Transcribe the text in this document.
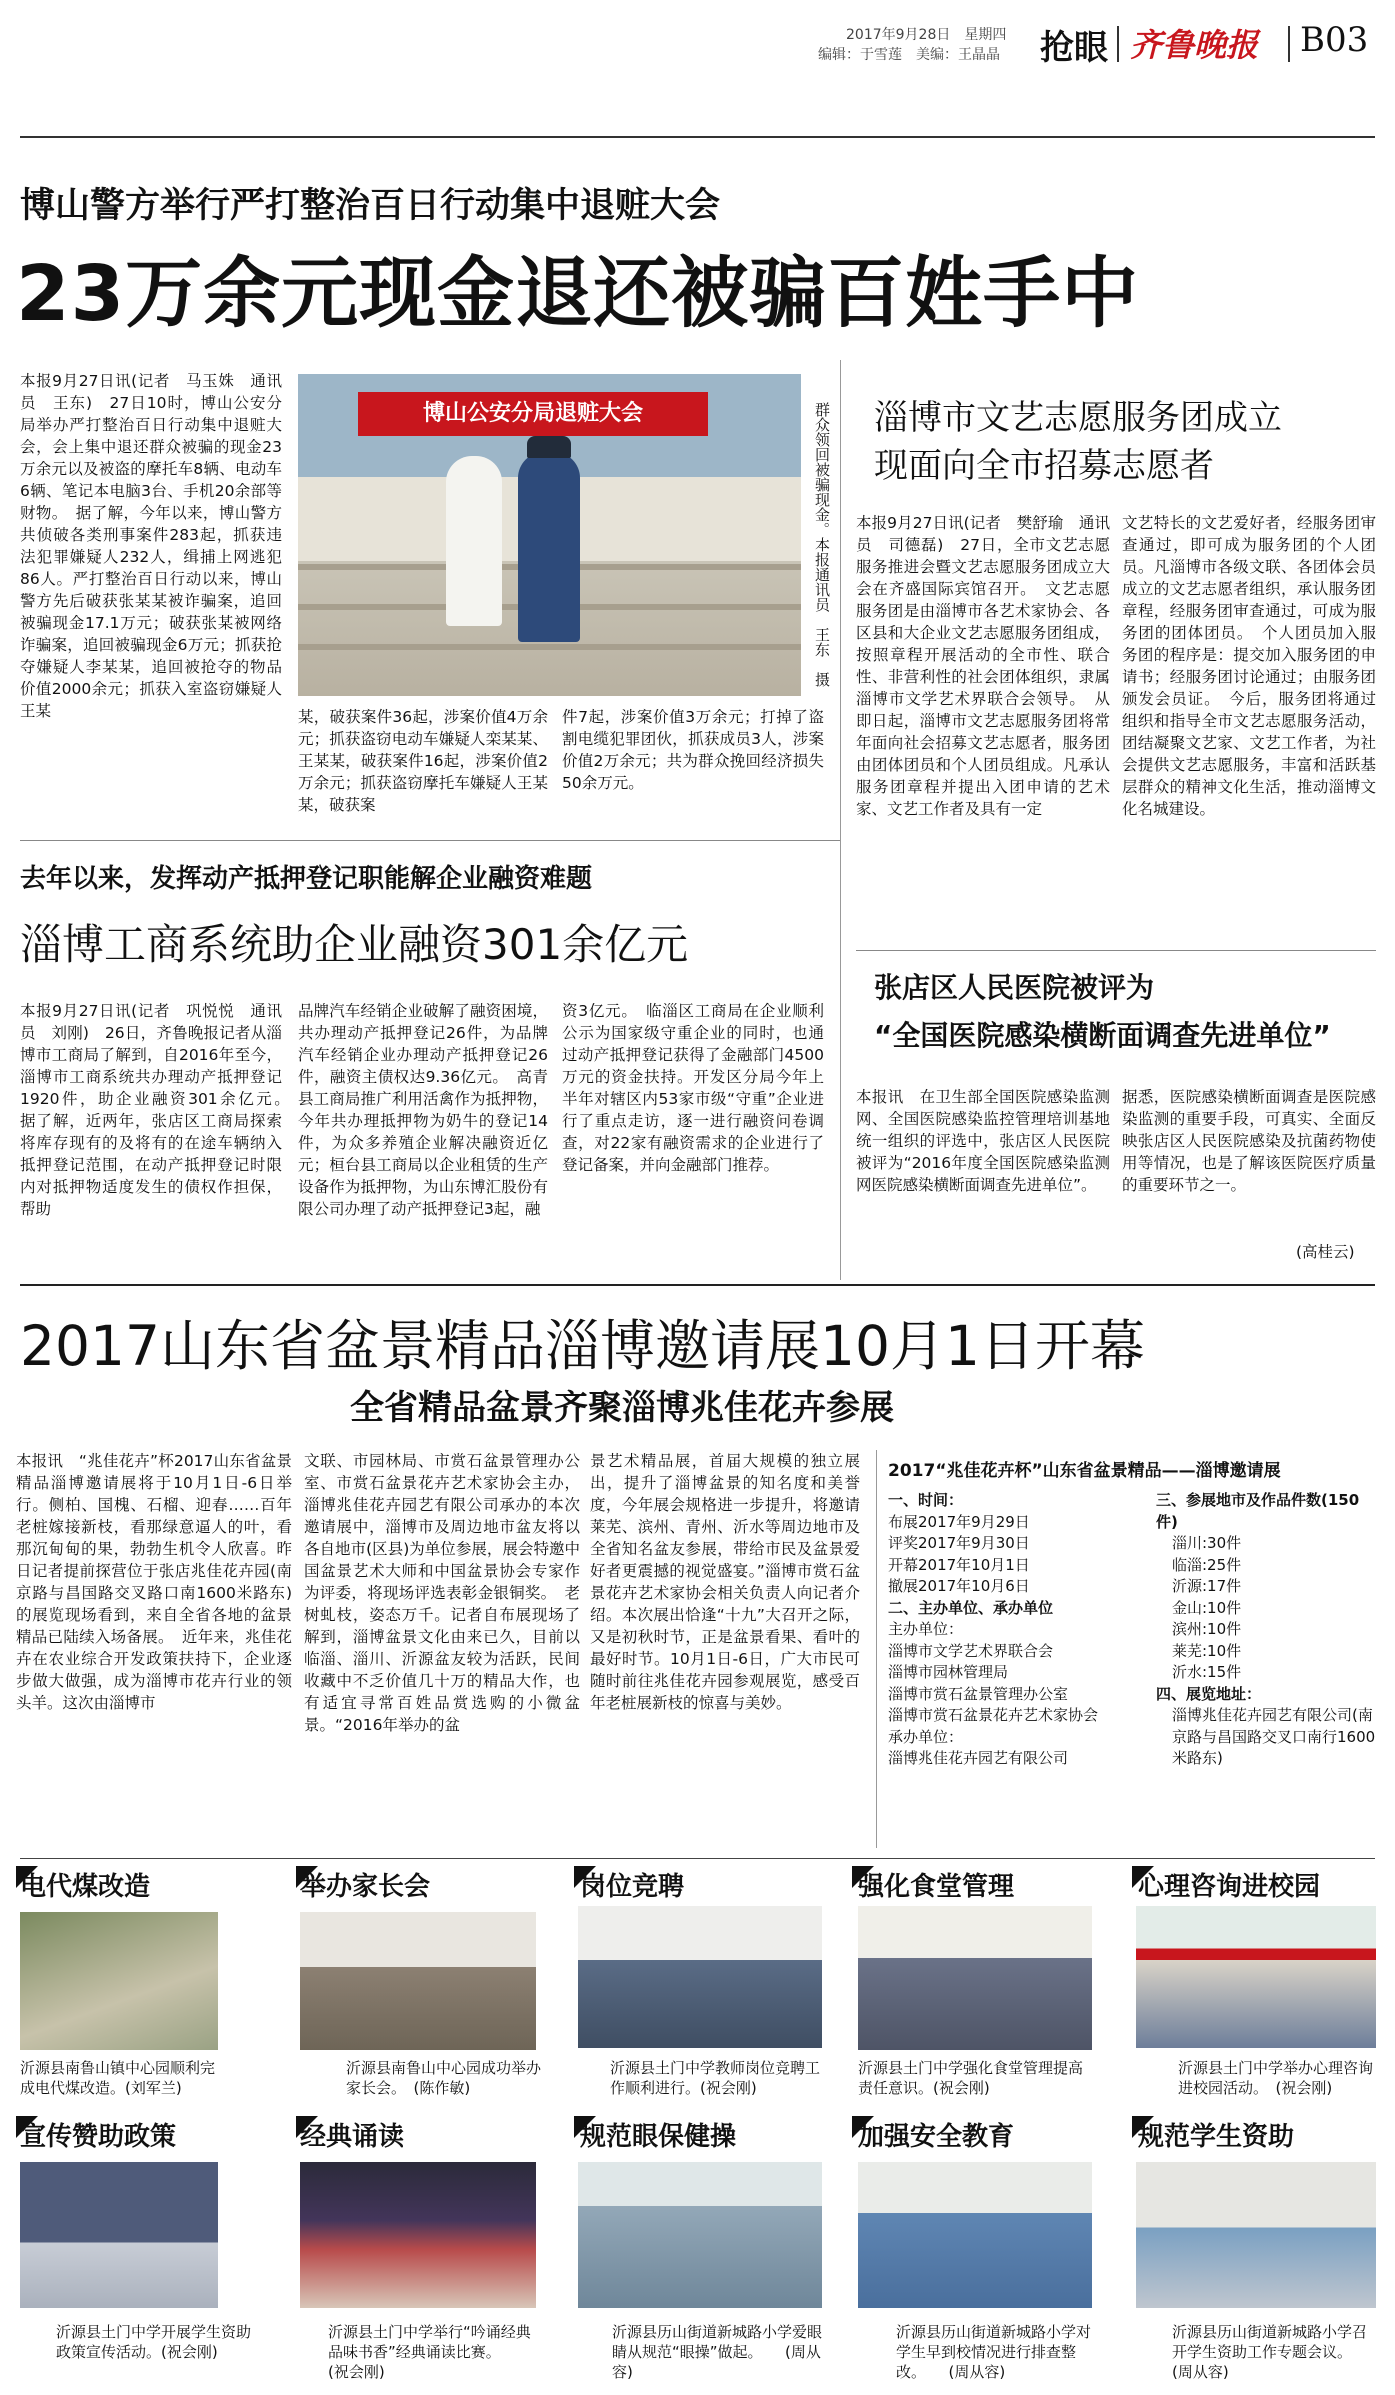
2017年9月28日　星期四
编辑：于雪莲　美编：王晶晶 抢眼 齐鲁晚报 B03
博山警方举行严打整治百日行动集中退赃大会
23万余元现金退还被骗百姓手中
本报9月27日讯(记者　马玉姝　通讯员　王东)　27日10时，博山公安分局举办严打整治百日行动集中退赃大会，会上集中退还群众被骗的现金23万余元以及被盗的摩托车8辆、电动车6辆、笔记本电脑3台、手机20余部等财物。　据了解，今年以来，博山警方共侦破各类刑事案件283起，抓获违法犯罪嫌疑人232人，缉捕上网逃犯86人。严打整治百日行动以来，博山警方先后破获张某某被诈骗案，追回被骗现金17.1万元；破获张某被网络诈骗案，追回被骗现金6万元；抓获抢夺嫌疑人李某某，追回被抢夺的物品价值2000余元；抓获入室盗窃嫌疑人王某
博山公安分局退赃大会	群众领回被骗现金。本报通讯员　王东　摄
某，破获案件36起，涉案价值4万余元；抓获盗窃电动车嫌疑人栾某某、王某某，破获案件16起，涉案价值2万余元；抓获盗窃摩托车嫌疑人王某某，破获案
件7起，涉案价值3万余元；打掉了盗割电缆犯罪团伙，抓获成员3人，涉案价值2万余元；共为群众挽回经济损失50余万元。
淄博市文艺志愿服务团成立
现面向全市招募志愿者
本报9月27日讯(记者　樊舒瑜　通讯员　司德磊)　27日，全市文艺志愿服务推进会暨文艺志愿服务团成立大会在齐盛国际宾馆召开。　文艺志愿服务团是由淄博市各艺术家协会、各区县和大企业文艺志愿服务团组成，按照章程开展活动的全市性、联合性、非营利性的社会团体组织，隶属淄博市文学艺术界联合会领导。　从即日起，淄博市文艺志愿服务团将常年面向社会招募文艺志愿者，服务团由团体团员和个人团员组成。凡承认服务团章程并提出入团申请的艺术家、文艺工作者及具有一定
文艺特长的文艺爱好者，经服务团审查通过，即可成为服务团的个人团员。凡淄博市各级文联、各团体会员成立的文艺志愿者组织，承认服务团章程，经服务团审查通过，可成为服务团的团体团员。　个人团员加入服务团的程序是：提交加入服务团的申请书；经服务团讨论通过；由服务团颁发会员证。　今后，服务团将通过组织和指导全市文艺志愿服务活动，团结凝聚文艺家、文艺工作者，为社会提供文艺志愿服务，丰富和活跃基层群众的精神文化生活，推动淄博文化名城建设。
去年以来，发挥动产抵押登记职能解企业融资难题
淄博工商系统助企业融资301余亿元
本报9月27日讯(记者　巩悦悦　通讯员　刘刚)　26日，齐鲁晚报记者从淄博市工商局了解到，自2016年至今，淄博市工商系统共办理动产抵押登记1920件，助企业融资301余亿元。　据了解，近两年，张店区工商局探索将库存现有的及将有的在途车辆纳入抵押登记范围，在动产抵押登记时限内对抵押物适度发生的债权作担保，帮助
品牌汽车经销企业破解了融资困境，共办理动产抵押登记26件，为品牌汽车经销企业办理动产抵押登记26件，融资主债权达9.36亿元。　高青县工商局推广利用活禽作为抵押物，今年共办理抵押物为奶牛的登记14件，为众多养殖企业解决融资近亿元；桓台县工商局以企业租赁的生产设备作为抵押物，为山东博汇股份有限公司办理了动产抵押登记3起，融
资3亿元。　临淄区工商局在企业顺利公示为国家级守重企业的同时，也通过动产抵押登记获得了金融部门4500万元的资金扶持。开发区分局今年上半年对辖区内53家市级“守重”企业进行了重点走访，逐一进行融资问卷调查，对22家有融资需求的企业进行了登记备案，并向金融部门推荐。
张店区人民医院被评为
“全国医院感染横断面调查先进单位”
本报讯　在卫生部全国医院感染监测网、全国医院感染监控管理培训基地统一组织的评选中，张店区人民医院被评为“2016年度全国医院感染监测网医院感染横断面调查先进单位”。
据悉，医院感染横断面调查是医院感染监测的重要手段，可真实、全面反映张店区人民医院感染及抗菌药物使用等情况，也是了解该医院医疗质量的重要环节之一。
(高桂云)
2017山东省盆景精品淄博邀请展10月1日开幕
全省精品盆景齐聚淄博兆佳花卉参展
本报讯　“兆佳花卉”杯2017山东省盆景精品淄博邀请展将于10月1日-6日举行。侧柏、国槐、石榴、迎春……百年老桩嫁接新枝，看那绿意逼人的叶，看那沉甸甸的果，勃勃生机令人欣喜。昨日记者提前探营位于张店兆佳花卉园(南京路与昌国路交叉路口南1600米路东)的展览现场看到，来自全省各地的盆景精品已陆续入场备展。　近年来，兆佳花卉在农业综合开发政策扶持下，企业逐步做大做强，成为淄博市花卉行业的领头羊。这次由淄博市
文联、市园林局、市赏石盆景管理办公室、市赏石盆景花卉艺术家协会主办，淄博兆佳花卉园艺有限公司承办的本次邀请展中，淄博市及周边地市盆友将以各自地市(区县)为单位参展，展会特邀中国盆景艺术大师和中国盆景协会专家作为评委，将现场评选表彰金银铜奖。　老树虬枝，姿态万千。记者自布展现场了解到，淄博盆景文化由来已久，目前以临淄、淄川、沂源盆友较为活跃，民间收藏中不乏价值几十万的精品大作，也有适宜寻常百姓品赏选购的小微盆景。“2016年举办的盆
景艺术精品展，首届大规模的独立展出，提升了淄博盆景的知名度和美誉度，今年展会规格进一步提升，将邀请莱芜、滨州、青州、沂水等周边地市及全省知名盆友参展，带给市民及盆景爱好者更震撼的视觉盛宴。”淄博市赏石盆景花卉艺术家协会相关负责人向记者介绍。本次展出恰逢“十九”大召开之际，又是初秋时节，正是盆景看果、看叶的最好时节。10月1日-6日，广大市民可随时前往兆佳花卉园参观展览，感受百年老桩展新枝的惊喜与美妙。
2017“兆佳花卉杯”山东省盆景精品——淄博邀请展
一、时间：
布展2017年9月29日
评奖2017年9月30日
开幕2017年10月1日
撤展2017年10月6日
二、主办单位、承办单位
主办单位：
淄博市文学艺术界联合会
淄博市园林管理局
淄博市赏石盆景管理办公室
淄博市赏石盆景花卉艺术家协会
承办单位：
淄博兆佳花卉园艺有限公司
三、参展地市及作品件数(150件)
淄川:30件
临淄:25件
沂源:17件
金山:10件
滨州:10件
莱芜:10件
沂水:15件
四、展览地址：
淄博兆佳花卉园艺有限公司(南京路与昌国路交叉口南行1600米路东)
电代煤改造
沂源县南鲁山镇中心园顺利完成电代煤改造。(刘军兰)
举办家长会
沂源县南鲁山中心园成功举办家长会。　(陈作敏)
岗位竞聘
沂源县土门中学教师岗位竞聘工作顺利进行。(祝会刚)
强化食堂管理
沂源县土门中学强化食堂管理提高责任意识。(祝会刚)
心理咨询进校园
沂源县土门中学举办心理咨询进校园活动。　(祝会刚)
宣传赞助政策
沂源县土门中学开展学生资助政策宣传活动。(祝会刚)
经典诵读
沂源县土门中学举行“吟诵经典　品味书香”经典诵读比赛。　　(祝会刚)
规范眼保健操
沂源县历山街道新城路小学爱眼睛从规范“眼操”做起。　　(周从容)
加强安全教育
沂源县历山街道新城路小学对学生早到校情况进行排查整改。　　(周从容)
规范学生资助
沂源县历山街道新城路小学召开学生资助工作专题会议。　　(周从容)
